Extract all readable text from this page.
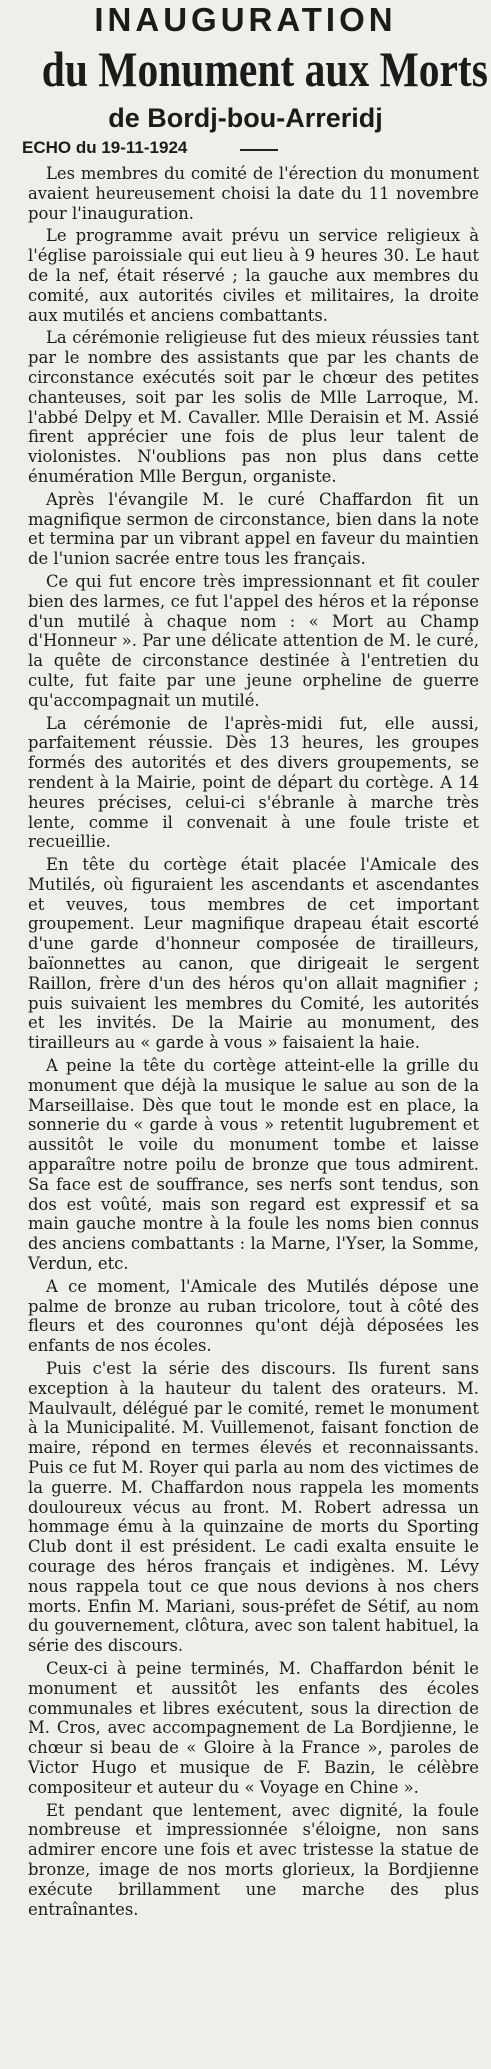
INAUGURATION
du Monument aux Morts
de Bordj-bou-Arreridj
ECHO du 19-11-1924

Les membres du comité de l'érection du monument avaient heureusement choisi la date du 11 novembre pour l'inauguration.

Le programme avait prévu un service religieux à l'église paroissiale qui eut lieu à 9 heures 30. Le haut de la nef, était réservé ; la gauche aux membres du comité, aux autorités civiles et militaires, la droite aux mutilés et anciens combattants.

La cérémonie religieuse fut des mieux réussies tant par le nombre des assistants que par les chants de circonstance exécutés soit par le chœur des petites chanteuses, soit par les solis de Mlle Larroque, M. l'abbé Delpy et M. Cavaller. Mlle Deraisin et M. Assié firent apprécier une fois de plus leur talent de violonistes. N'oublions pas non plus dans cette énumération Mlle Bergun, organiste.

Après l'évangile M. le curé Chaffardon fit un magnifique sermon de circonstance, bien dans la note et termina par un vibrant appel en faveur du maintien de l'union sacrée entre tous les français.

Ce qui fut encore très impressionnant et fit couler bien des larmes, ce fut l'appel des héros et la réponse d'un mutilé à chaque nom : « Mort au Champ d'Honneur ». Par une délicate attention de M. le curé, la quête de circonstance destinée à l'entretien du culte, fut faite par une jeune orpheline de guerre qu'accompagnait un mutilé.

La cérémonie de l'après-midi fut, elle aussi, parfaitement réussie. Dès 13 heures, les groupes formés des autorités et des divers groupements, se rendent à la Mairie, point de départ du cortège. A 14 heures précises, celui-ci s'ébranle à marche très lente, comme il convenait à une foule triste et recueillie.

En tête du cortège était placée l'Amicale des Mutilés, où figuraient les ascendants et ascendantes et veuves, tous membres de cet important groupement. Leur magnifique drapeau était escorté d'une garde d'honneur composée de tirailleurs, baïonnettes au canon, que dirigeait le sergent Raillon, frère d'un des héros qu'on allait magnifier ; puis suivaient les membres du Comité, les autorités et les invités. De la Mairie au monument, des tirailleurs au « garde à vous » faisaient la haie.

A peine la tête du cortège atteint-elle la grille du monument que déjà la musique le salue au son de la Marseillaise. Dès que tout le monde est en place, la sonnerie du « garde à vous » retentit lugubrement et aussitôt le voile du monument tombe et laisse apparaître notre poilu de bronze que tous admirent. Sa face est de souffrance, ses nerfs sont tendus, son dos est voûté, mais son regard est expressif et sa main gauche montre à la foule les noms bien connus des anciens combattants : la Marne, l'Yser, la Somme, Verdun, etc.

A ce moment, l'Amicale des Mutilés dépose une palme de bronze au ruban tricolore, tout à côté des fleurs et des couronnes qu'ont déjà déposées les enfants de nos écoles.

Puis c'est la série des discours. Ils furent sans exception à la hauteur du talent des orateurs. M. Maulvault, délégué par le comité, remet le monument à la Municipalité. M. Vuillemenot, faisant fonction de maire, répond en termes élevés et reconnaissants. Puis ce fut M. Royer qui parla au nom des victimes de la guerre. M. Chaffardon nous rappela les moments douloureux vécus au front. M. Robert adressa un hommage ému à la quinzaine de morts du Sporting Club dont il est président. Le cadi exalta ensuite le courage des héros français et indigènes. M. Lévy nous rappela tout ce que nous devions à nos chers morts. Enfin M. Mariani, sous-préfet de Sétif, au nom du gouvernement, clôtura, avec son talent habituel, la série des discours.

Ceux-ci à peine terminés, M. Chaffardon bénit le monument et aussitôt les enfants des écoles communales et libres exécutent, sous la direction de M. Cros, avec accompagnement de La Bordjienne, le chœur si beau de « Gloire à la France », paroles de Victor Hugo et musique de F. Bazin, le célèbre compositeur et auteur du « Voyage en Chine ».

Et pendant que lentement, avec dignité, la foule nombreuse et impressionnée s'éloigne, non sans admirer encore une fois et avec tristesse la statue de bronze, image de nos morts glorieux, la Bordjienne exécute brillamment une marche des plus entraînantes.
